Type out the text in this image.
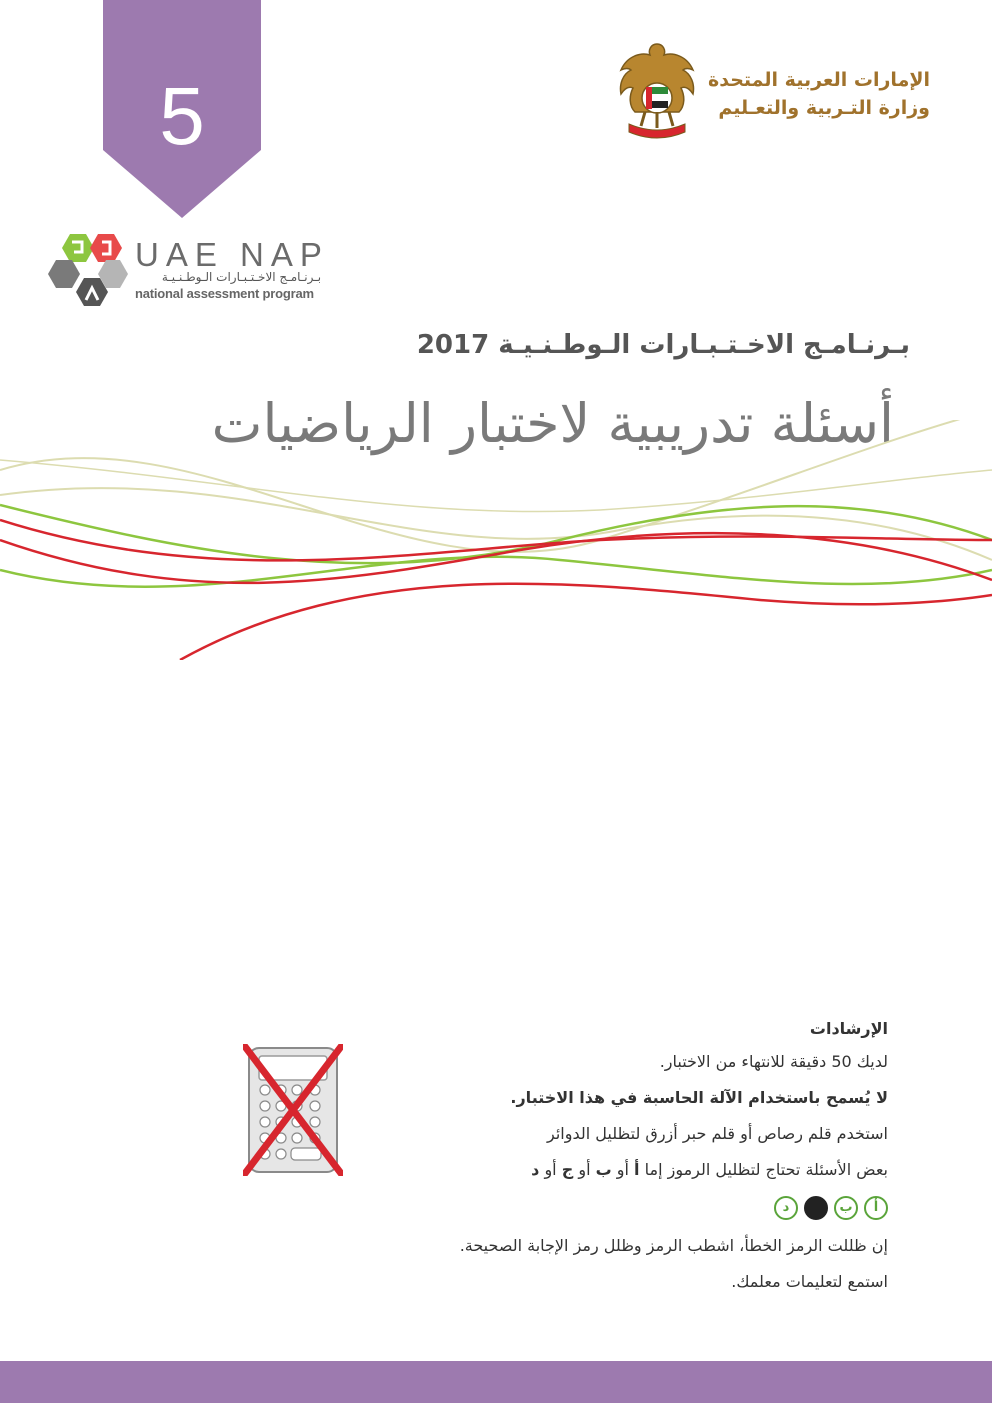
5	الإمارات العربية المتحدة
وزارة التـربية والتعـليم
UAE NAP
بـرنـامـج الاخـتـبـارات الـوطـنـيـة
national assessment program
بـرنـامـج الاخـتـبـارات الـوطـنـيـة 2017
أسئلة تدريبية لاختبار الرياضيات
الإرشادات
لديك 50 دقيقة للانتهاء من الاختبار.
لا يُسمح باستخدام الآلة الحاسبة في هذا الاختبار.
استخدم قلم رصاص أو قلم حبر أزرق لتظليل الدوائر
بعض الأسئلة تحتاج لتظليل الرموز إما أ أو ب أو ج أو د
أ
ب
د
إن ظللت الرمز الخطأ، اشطب الرمز وظلل رمز الإجابة الصحيحة.
استمع لتعليمات معلمك.
